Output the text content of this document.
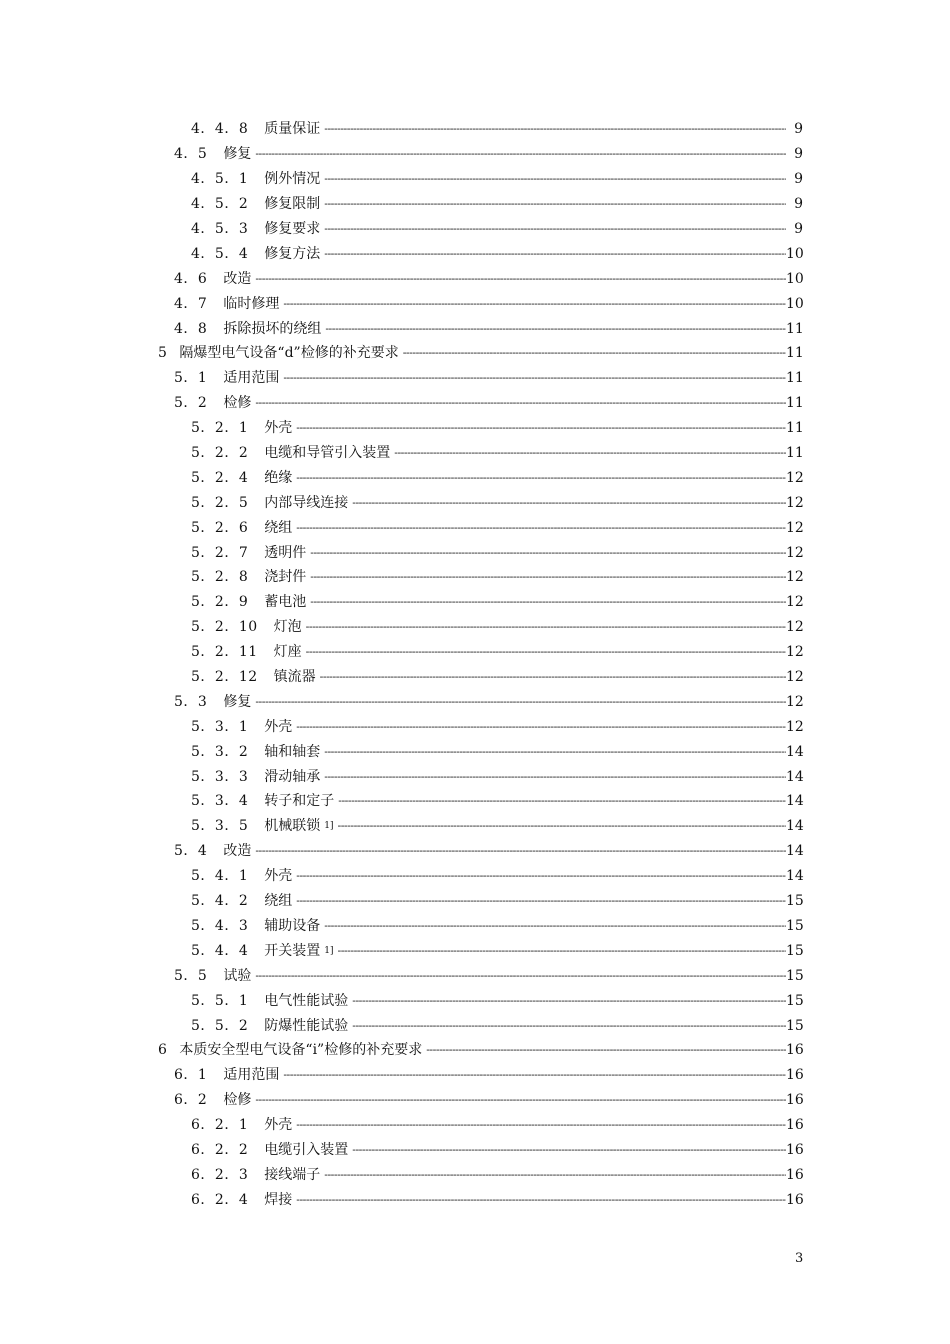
4．4．8 质量保证 -----	9
4．5 修复 -----	9
4．5．1 例外情况 -----	9
4．5．2 修复限制 -----	9
4．5．3 修复要求 -----	9
4．5．4 修复方法 -----	10
4．6 改造 -----	10
4．7 临时修理 -----	10
4．8 拆除损坏的绕组 -----	11
5 隔爆型电气设备“d”检修的补充要求 -----	11
5．1 适用范围 -----	11
5．2 检修 -----	11
5．2．1 外壳 -----	11
5．2．2 电缆和导管引入装置 -----	11
5．2．4 绝缘 -----	12
5．2．5 内部导线连接 -----	12
5．2．6 绕组 -----	12
5．2．7 透明件 -----	12
5．2．8 浇封件 -----	12
5．2．9 蓄电池 -----	12
5．2．10 灯泡 -----	12
5．2．11 灯座 -----	12
5．2．12 镇流器 -----	12
5．3 修复 -----	12
5．3．1 外壳 -----	12
5．3．2 轴和轴套 -----	14
5．3．3 滑动轴承 -----	14
5．3．4 转子和定子 -----	14
5．3．5 机械联锁 1] -----	14
5．4 改造 -----	14
5．4．1 外壳 -----	14
5．4．2 绕组 -----	15
5．4．3 辅助设备 -----	15
5．4．4 开关装置 1] -----	15
5．5 试验 -----	15
5．5．1 电气性能试验 -----	15
5．5．2 防爆性能试验 -----	15
6 本质安全型电气设备“i”检修的补充要求 -----	16
6．1 适用范围 -----	16
6．2 检修 -----	16
6．2．1 外壳 -----	16
6．2．2 电缆引入装置 -----	16
6．2．3 接线端子 -----	16
6．2．4 焊接 -----	16
3
